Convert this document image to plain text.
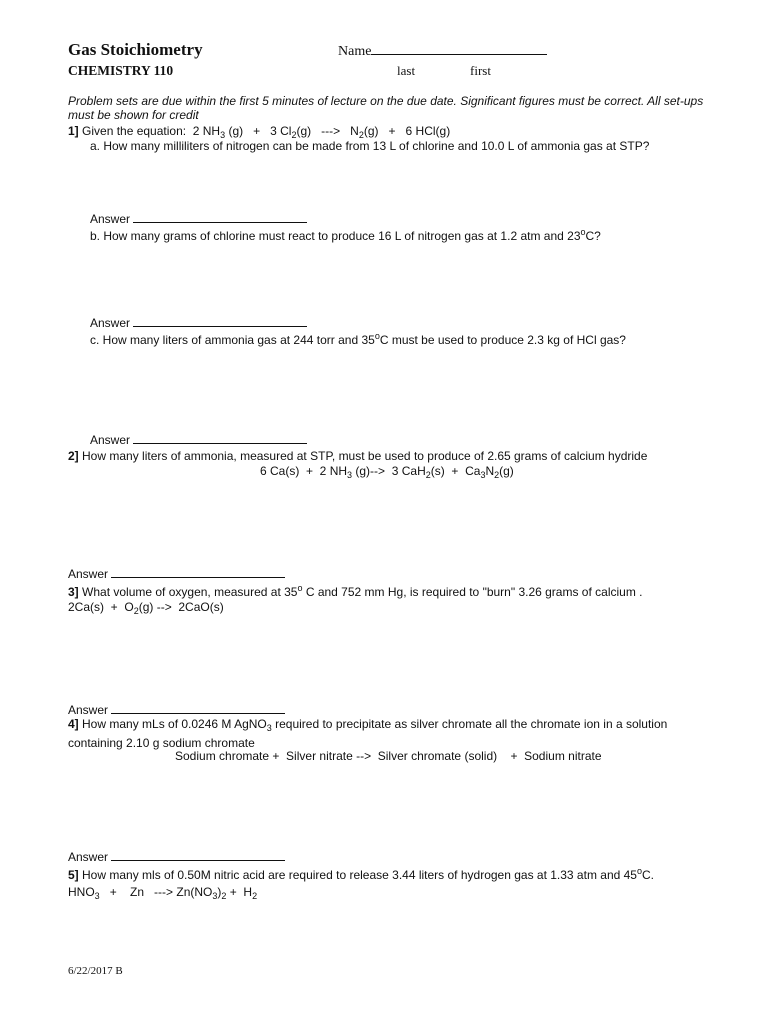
Gas Stoichiometry
CHEMISTRY 110
Name
last	first
Problem sets are due within the first 5 minutes of lecture on the due date. Significant figures must be correct. All set-ups must be shown for credit
1] Given the equation:  2 $NH_3$ (g)   +   3 $Cl_2(g)$   --->   $N_2(g) + 6$ HCl(g)
a. How many milliliters of nitrogen can be made from 13 L of chlorine and 10.0 L of ammonia gas at STP?
Answer
b. How many grams of chlorine must react to produce 16 L of nitrogen gas at 1.2 atm and 23$^o$C?
Answer
c. How many liters of ammonia gas at 244 torr and 35$^o$C must be used to produce 2.3 kg of HCl gas?
Answer
2] How many liters of ammonia, measured at STP, must be used to produce of 2.65 grams of calcium hydride
6 Ca(s)  +  2 $NH_3$ (g)-->  3 $CaH_2(s) + Ca_3N_2(g)$
Answer
3] What volume of oxygen, measured at 35$^o$ C and 752 mm Hg, is required to "burn" 3.26 grams of calcium .
$2Ca(s) + O_2(g)$ -->  2CaO(s)
Answer
4] How many mLs of 0.0246 M AgNO$_3$ required to precipitate as silver chromate all the chromate ion in a solution
containing 2.10 g sodium chromate
Sodium chromate +  Silver nitrate -->  Silver chromate (solid)    +  Sodium nitrate
Answer
5] How many mls of 0.50M nitric acid are required to release 3.44 liters of hydrogen gas at 1.33 atm and 45$^o$C.
$HNO_3$   +    Zn   ---> $Zn(NO_3)_2 + H_2$
6/22/2017 B
